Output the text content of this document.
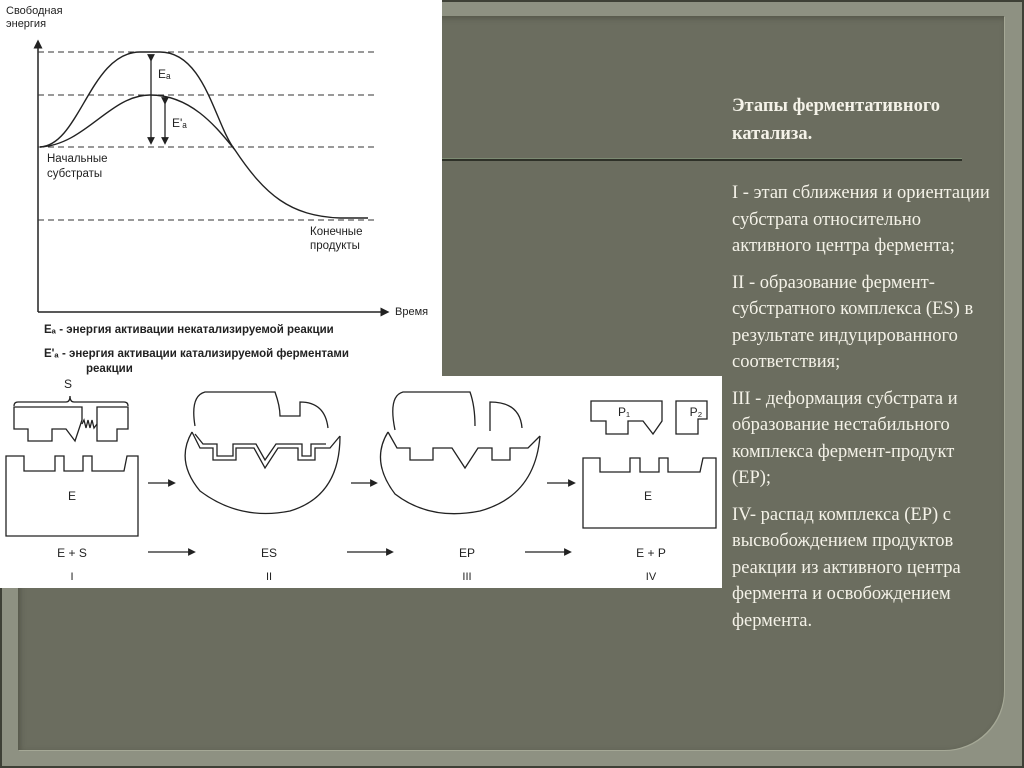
Свободная
энергия
Время
Eₐ
E'ₐ
Начальные
субстраты
Конечные
продукты
Eₐ - энергия активации некатализируемой реакции
E'ₐ - энергия активации катализируемой ферментами
реакции
S
E	E
P₁	P₂
E + S
I
ES
II
EP
III
E + P
IV

Этапы ферментативного катализа.

I - этап сближения и ориентации субстрата относительно активного центра фермента;

II - образование фермент-субстратного комплекса (ES) в результате индуцированного соответствия;

III - деформация субстрата и образование нестабильного комплекса фермент-продукт (EP);

IV- распад комплекса (EP) с высвобождением продуктов реакции из активного центра фермента и освобождением фермента.
